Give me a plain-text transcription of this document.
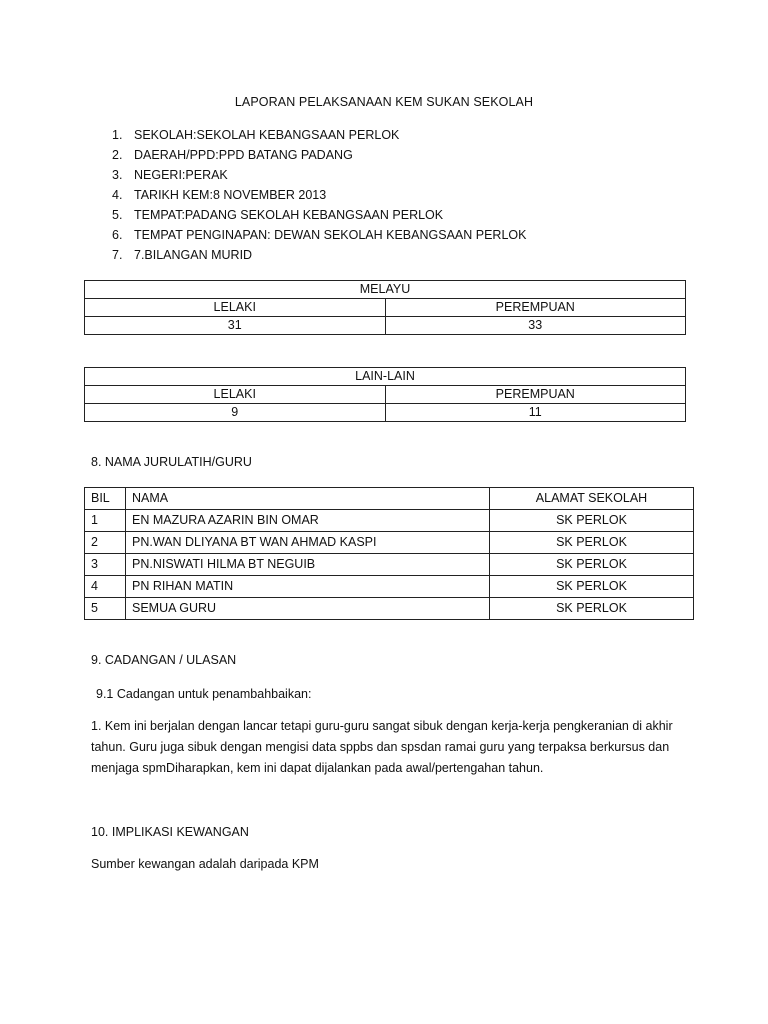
LAPORAN PELAKSANAAN KEM SUKAN SEKOLAH
1. SEKOLAH:SEKOLAH KEBANGSAAN PERLOK
2. DAERAH/PPD:PPD BATANG PADANG
3. NEGERI:PERAK
4. TARIKH KEM:8 NOVEMBER 2013
5. TEMPAT:PADANG SEKOLAH KEBANGSAAN PERLOK
6. TEMPAT PENGINAPAN: DEWAN SEKOLAH KEBANGSAAN PERLOK
7. 7.BILANGAN MURID
MELAYU	
LELAKI	PEREMPUAN
31	33
LAIN-LAIN	
LELAKI	PEREMPUAN
9	11
8. NAMA JURULATIH/GURU
BIL	NAMA	ALAMAT SEKOLAH
1	EN MAZURA AZARIN BIN OMAR	SK PERLOK
2	PN.WAN DLIYANA BT WAN AHMAD KASPI	SK PERLOK
3	PN.NISWATI HILMA BT NEGUIB	SK PERLOK
4	PN RIHAN MATIN	SK PERLOK
5	SEMUA GURU	SK PERLOK
9. CADANGAN / ULASAN
9.1 Cadangan untuk penambahbaikan:
1. Kem ini berjalan dengan lancar tetapi guru-guru sangat sibuk dengan kerja-kerja pengkeranian di akhir tahun. Guru juga sibuk dengan mengisi data sppbs dan spsdan ramai guru yang terpaksa berkursus dan menjaga spmDiharapkan, kem ini dapat dijalankan pada awal/pertengahan tahun.
10. IMPLIKASI KEWANGAN
Sumber kewangan adalah daripada KPM
